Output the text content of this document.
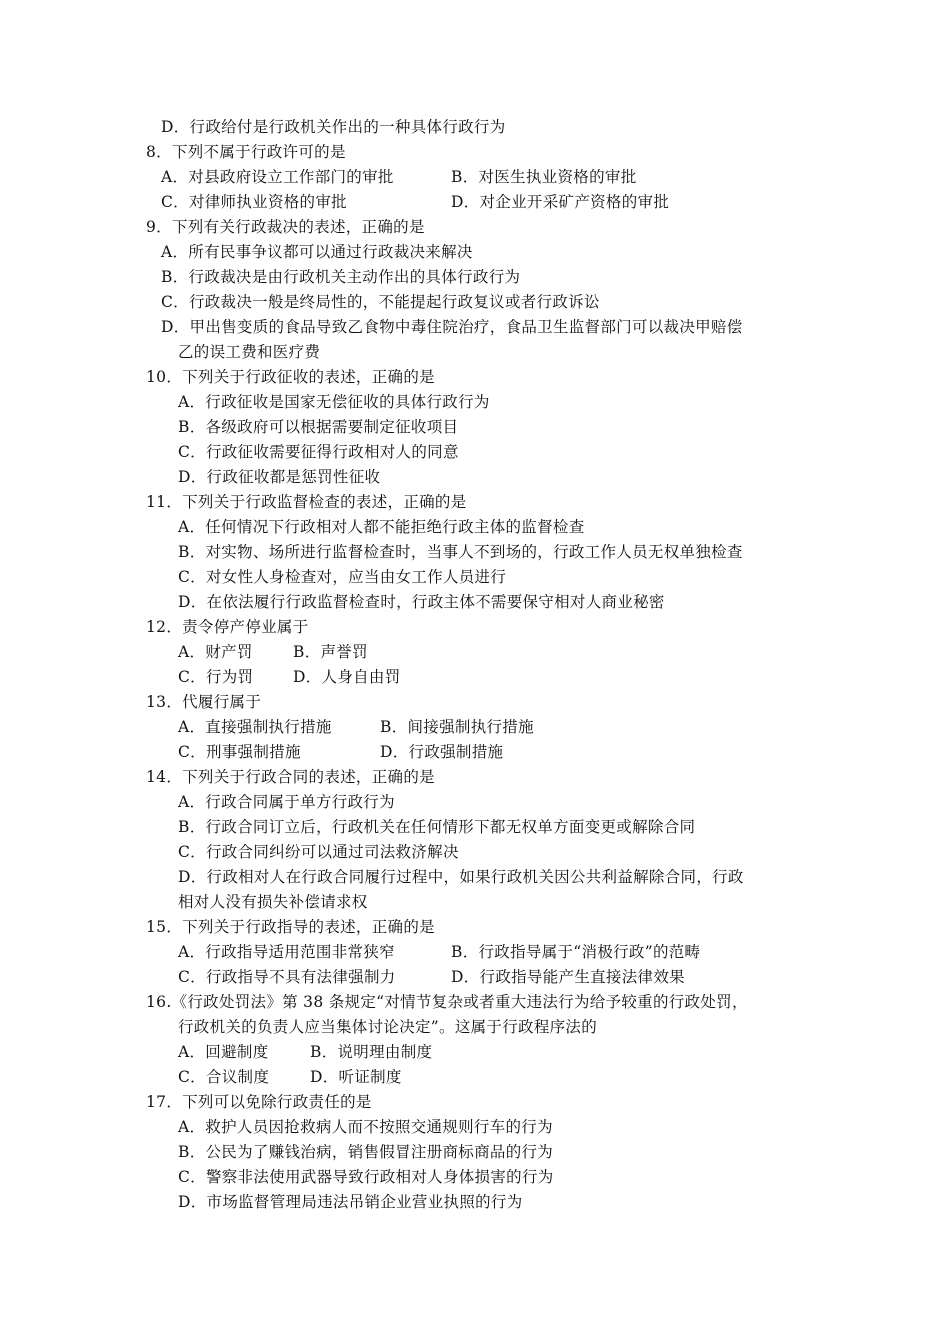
D．行政给付是行政机关作出的一种具体行政行为
8．下列不属于行政许可的是
A．对县政府设立工作部门的审批	B．对医生执业资格的审批
C．对律师执业资格的审批	D．对企业开采矿产资格的审批
9．下列有关行政裁决的表述，正确的是
A．所有民事争议都可以通过行政裁决来解决
B．行政裁决是由行政机关主动作出的具体行政行为
C．行政裁决一般是终局性的，不能提起行政复议或者行政诉讼
D．甲出售变质的食品导致乙食物中毒住院治疗，食品卫生监督部门可以裁决甲赔偿
乙的误工费和医疗费
10．下列关于行政征收的表述，正确的是
A．行政征收是国家无偿征收的具体行政行为
B．各级政府可以根据需要制定征收项目
C．行政征收需要征得行政相对人的同意
D．行政征收都是惩罚性征收
11．下列关于行政监督检查的表述，正确的是
A．任何情况下行政相对人都不能拒绝行政主体的监督检查
B．对实物、场所进行监督检查时，当事人不到场的，行政工作人员无权单独检查
C．对女性人身检查对，应当由女工作人员进行
D．在依法履行行政监督检查时，行政主体不需要保守相对人商业秘密
12．责令停产停业属于
A．财产罚	B．声誉罚
C．行为罚	D．人身自由罚
13．代履行属于
A．直接强制执行措施	B．间接强制执行措施
C．刑事强制措施	D．行政强制措施
14．下列关于行政合同的表述，正确的是
A．行政合同属于单方行政行为
B．行政合同订立后，行政机关在任何情形下都无权单方面变更或解除合同
C．行政合同纠纷可以通过司法救济解决
D．行政相对人在行政合同履行过程中，如果行政机关因公共利益解除合同，行政
相对人没有损失补偿请求权
15．下列关于行政指导的表述，正确的是
A．行政指导适用范围非常狭窄	B．行政指导属于“消极行政”的范畴
C．行政指导不具有法律强制力	D．行政指导能产生直接法律效果
16.《行政处罚法》第 38 条规定“对情节复杂或者重大违法行为给予较重的行政处罚，
行政机关的负责人应当集体讨论决定”。这属于行政程序法的
A．回避制度	B．说明理由制度
C．合议制度	D．听证制度
17．下列可以免除行政责任的是
A．救护人员因抢救病人而不按照交通规则行车的行为
B．公民为了赚钱治病，销售假冒注册商标商品的行为
C．警察非法使用武器导致行政相对人身体损害的行为
D．市场监督管理局违法吊销企业营业执照的行为
